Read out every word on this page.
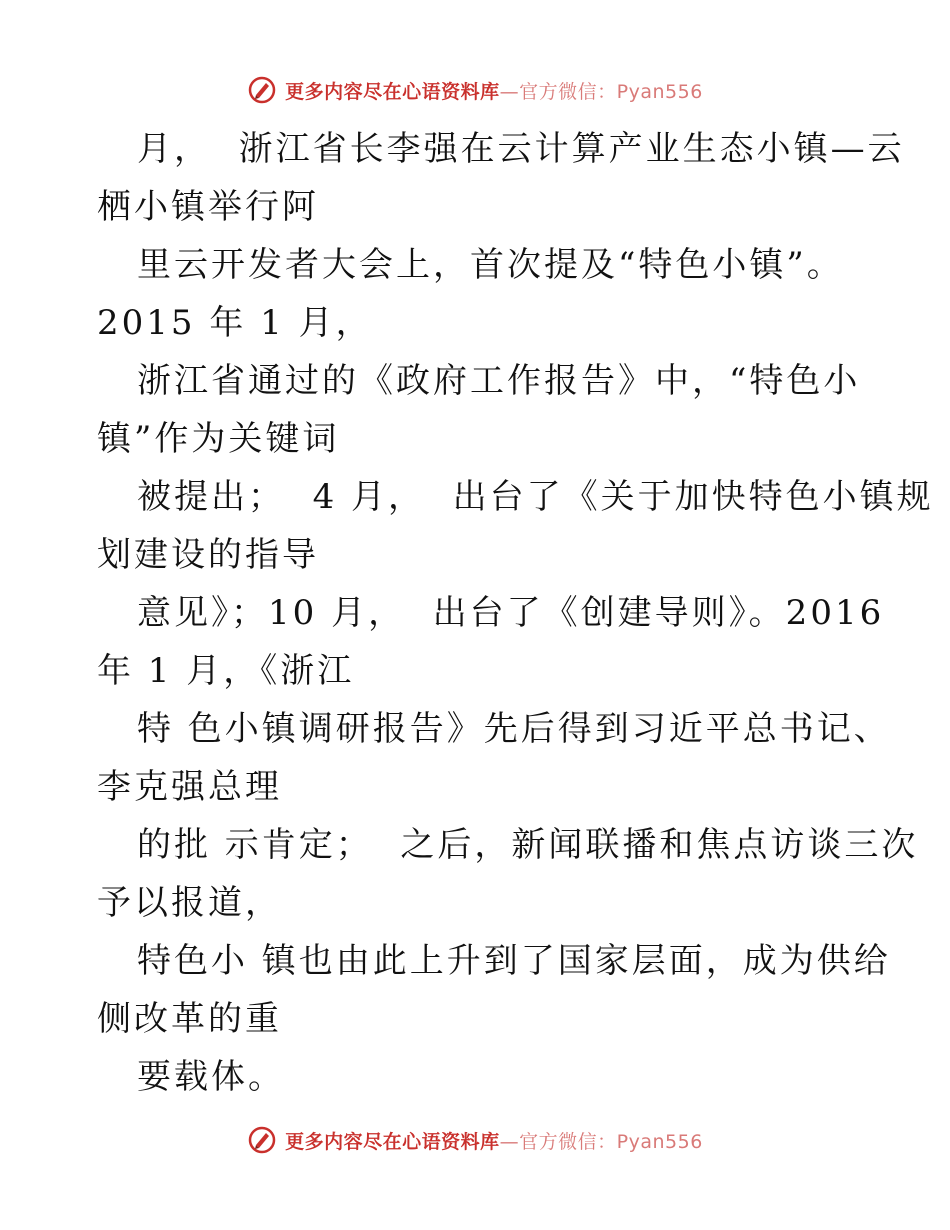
更多内容尽在心语资料库—官方微信：Pyan556
月，  浙江省长李强在云计算产业生态小镇—云
栖小镇举行阿
里云开发者大会上，首次提及“特色小镇”。
2015 年 1 月，
浙江省通过的《政府工作报告》中，“特色小
镇”作为关键词
被提出；  4 月，  出台了《关于加快特色小镇规
划建设的指导
意见》；10 月，  出台了《创建导则》。2016
年 1 月，《浙江
特 色小镇调研报告》先后得到习近平总书记、
李克强总理
的批 示肯定；  之后，新闻联播和焦点访谈三次
予以报道，
特色小 镇也由此上升到了国家层面，成为供给
侧改革的重
要载体。
更多内容尽在心语资料库—官方微信：Pyan556
